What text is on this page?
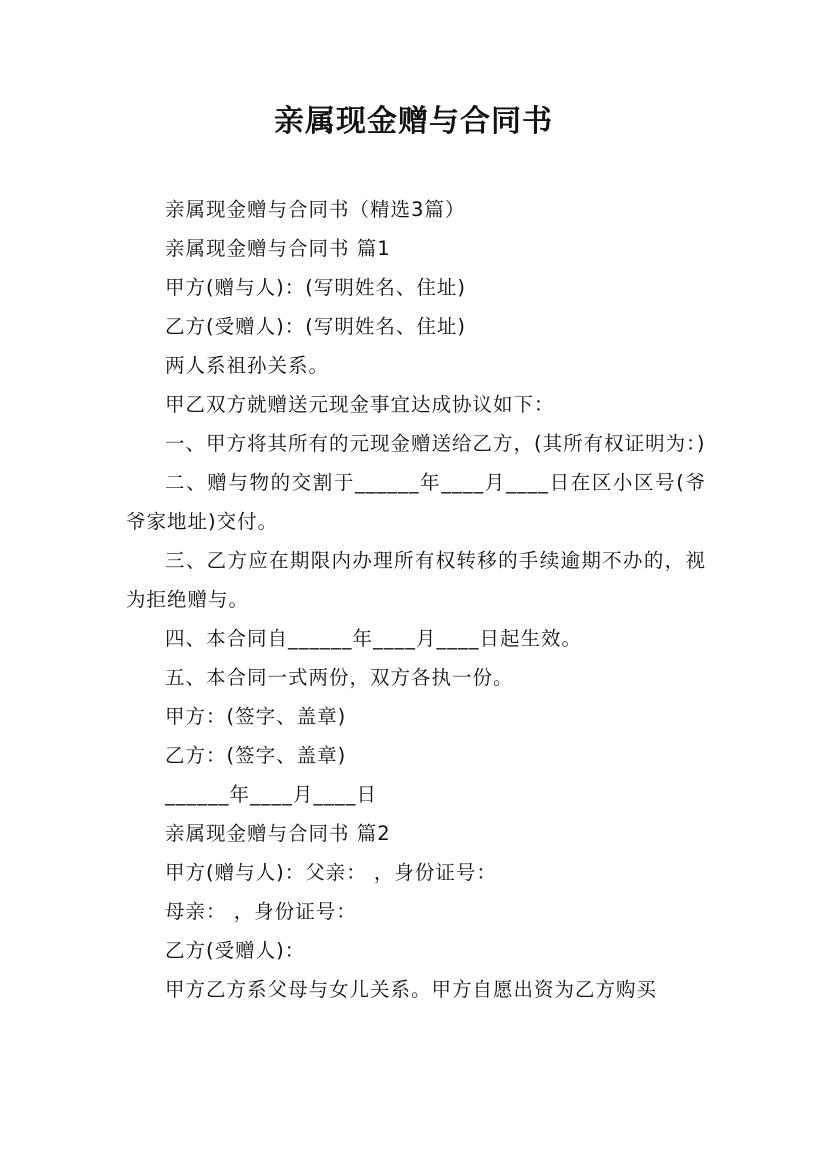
亲属现金赠与合同书

亲属现金赠与合同书（精选3篇）

亲属现金赠与合同书 篇1

甲方(赠与人)：(写明姓名、住址)

乙方(受赠人)：(写明姓名、住址)

两人系祖孙关系。

甲乙双方就赠送元现金事宜达成协议如下：

一、甲方将其所有的元现金赠送给乙方，(其所有权证明为：)

二、赠与物的交割于______年____月____日在区小区号(爷爷家地址)交付。

三、乙方应在期限内办理所有权转移的手续逾期不办的，视为拒绝赠与。

四、本合同自______年____月____日起生效。

五、本合同一式两份，双方各执一份。

甲方：(签字、盖章)

乙方：(签字、盖章)

______年____月____日

亲属现金赠与合同书 篇2

甲方(赠与人)：父亲： ，身份证号：

母亲： ，身份证号：

乙方(受赠人)：

甲方乙方系父母与女儿关系。甲方自愿出资为乙方购买
